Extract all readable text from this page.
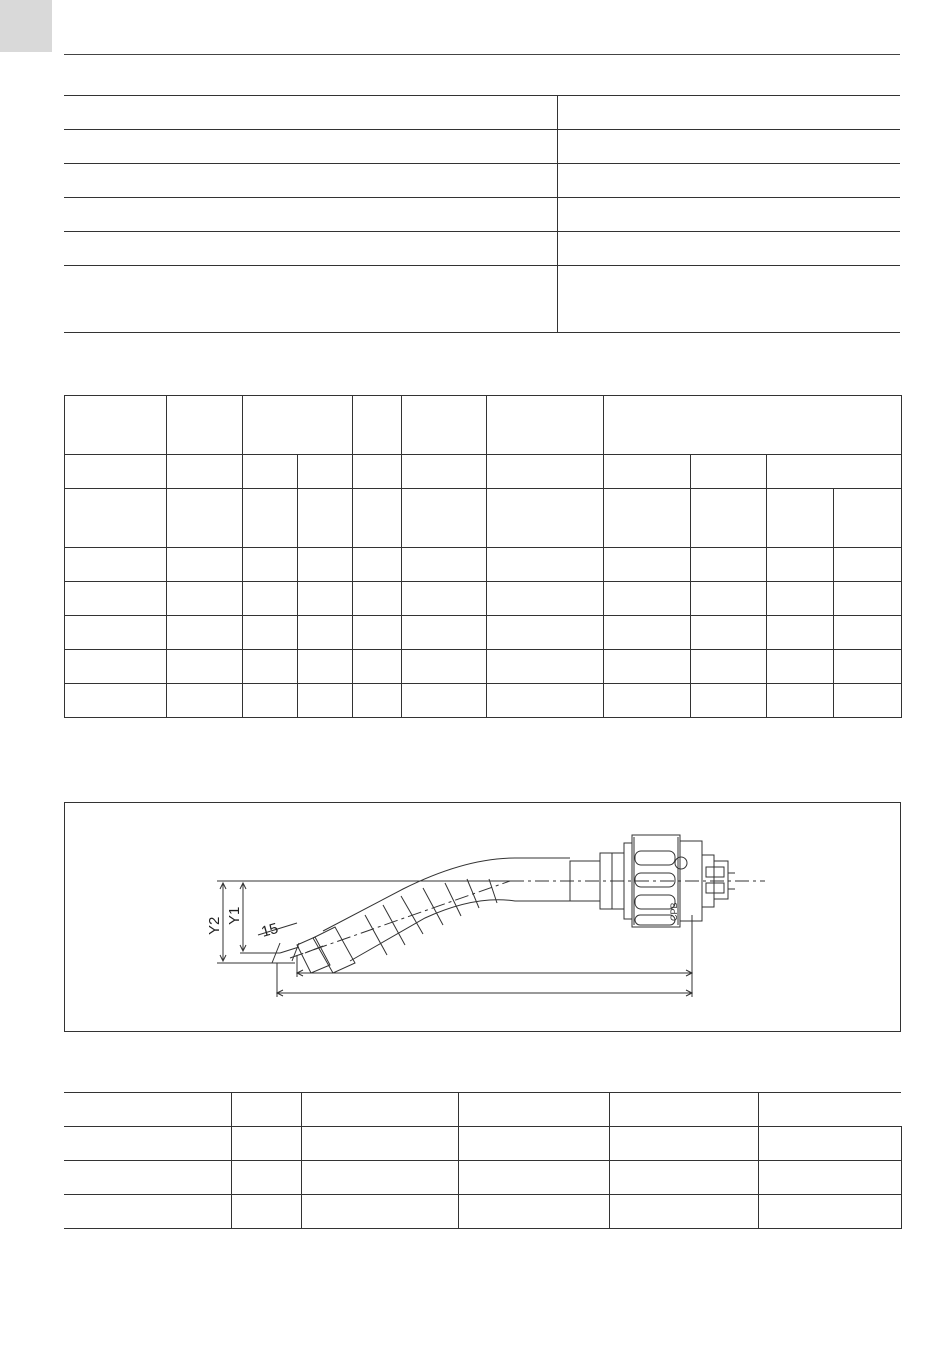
Y2
Y1
15
CPB
